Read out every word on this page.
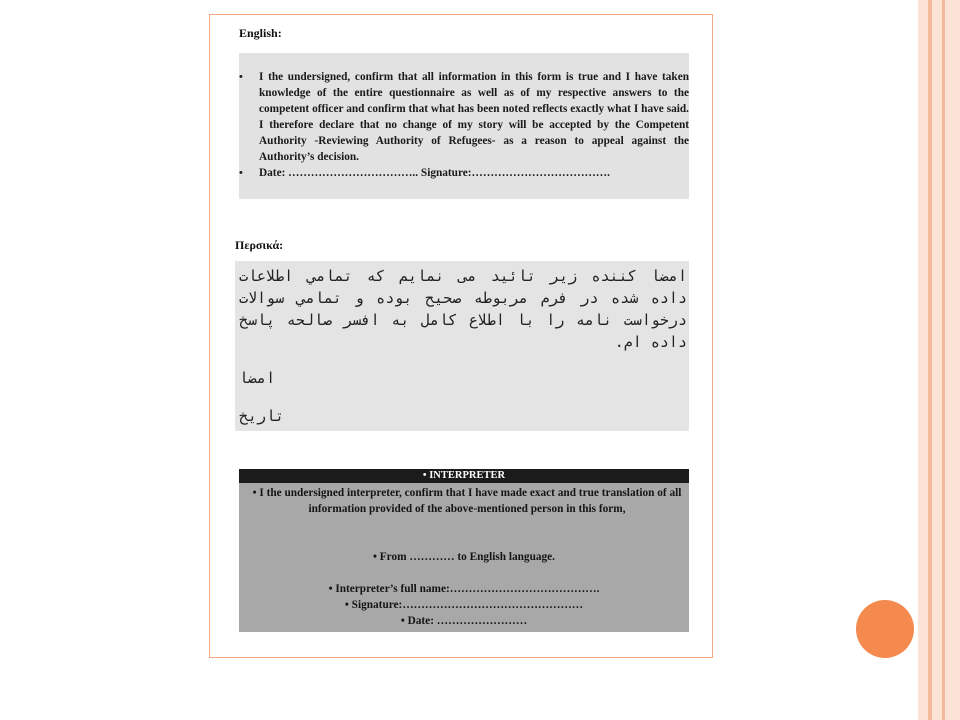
English:
• I the undersigned, confirm that all information in this form is true and I have taken knowledge of the entire questionnaire as well as of my respective answers to the competent officer and confirm that what has been noted reflects exactly what I have said. I therefore declare that no change of my story will be accepted by the Competent Authority -Reviewing Authority of Refugees- as a reason to appeal against the Authority’s decision.
• Date: …………………………….. Signature:……………………………….
Περσικά:
امضا کننده زیر تائید می نمایم که تمامي اطلاعات داده شده در فرم مربوطه صحیح بوده و تمامي سوالات درخواست نامه را با اطلاع کامل به افسر صالحه پاسخ داده ام.
امضا
تاریخ
• INTERPRETER
• I the undersigned interpreter, confirm that I have made exact and true translation of all information provided of the above-mentioned person in this form,
• From ………… to English language.
• Interpreter’s full name:………………………………….
• Signature:…………………………………………
• Date: ……………………
